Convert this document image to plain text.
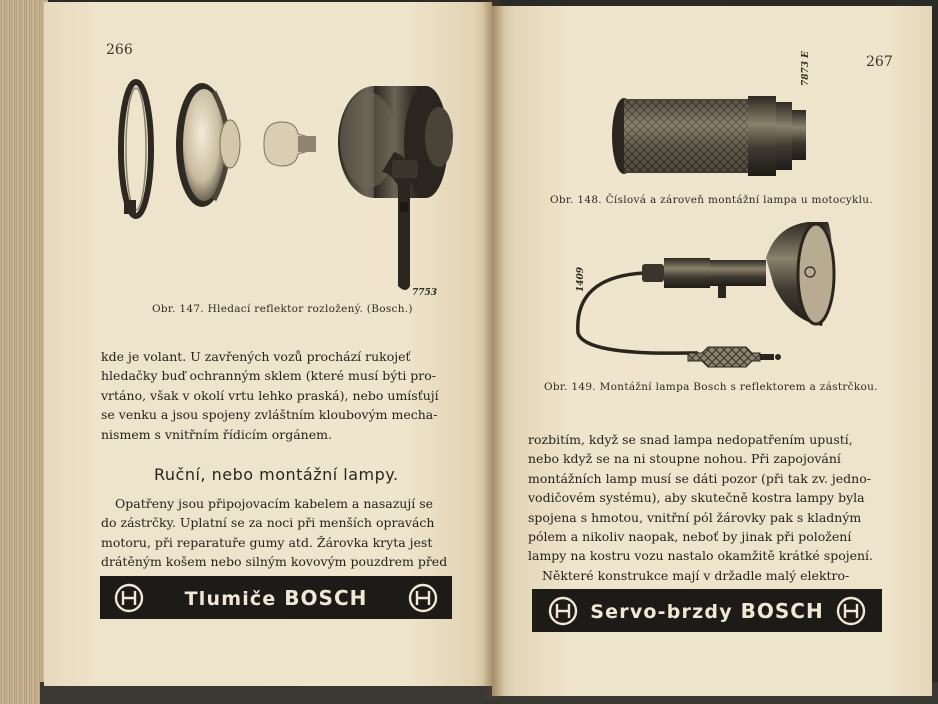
266
7753
Obr. 147. Hledací reflektor rozložený. (Bosch.)

kde je volant. U zavřených vozů prochází rukojeť

hledačky buď ochranným sklem (které musí býti pro-

vrtáno, však v okolí vrtu lehko praská), nebo umísťují

se venku a jsou spojeny zvláštním kloubovým mecha-

nismem s vnitřním řídicím orgánem.

Ruční, nebo montážní lampy.

Opatřeny jsou připojovacím kabelem a nasazují se

do zástrčky. Uplatní se za noci při menších opravách

motoru, při reparatuře gumy atd. Žárovka kryta jest

drátěným košem nebo silným kovovým pouzdrem před

Tlumiče BOSCH
267
7873 E
Obr. 148. Číslová a zároveň montážní lampa u motocyklu.
1409
Obr. 149. Montážní lampa Bosch s reflektorem a zástrčkou.

rozbitím, když se snad lampa nedopatřením upustí,

nebo když se na ni stoupne nohou. Při zapojování

montážních lamp musí se dáti pozor (při tak zv. jedno-

vodičovém systému), aby skutečně kostra lampy byla

spojena s hmotou, vnitřní pól žárovky pak s kladným

pólem a nikoliv naopak, neboť by jinak při položení

lampy na kostru vozu nastalo okamžitě krátké spojení.

Některé konstrukce mají v držadle malý elektro-

Servo-brzdy BOSCH
